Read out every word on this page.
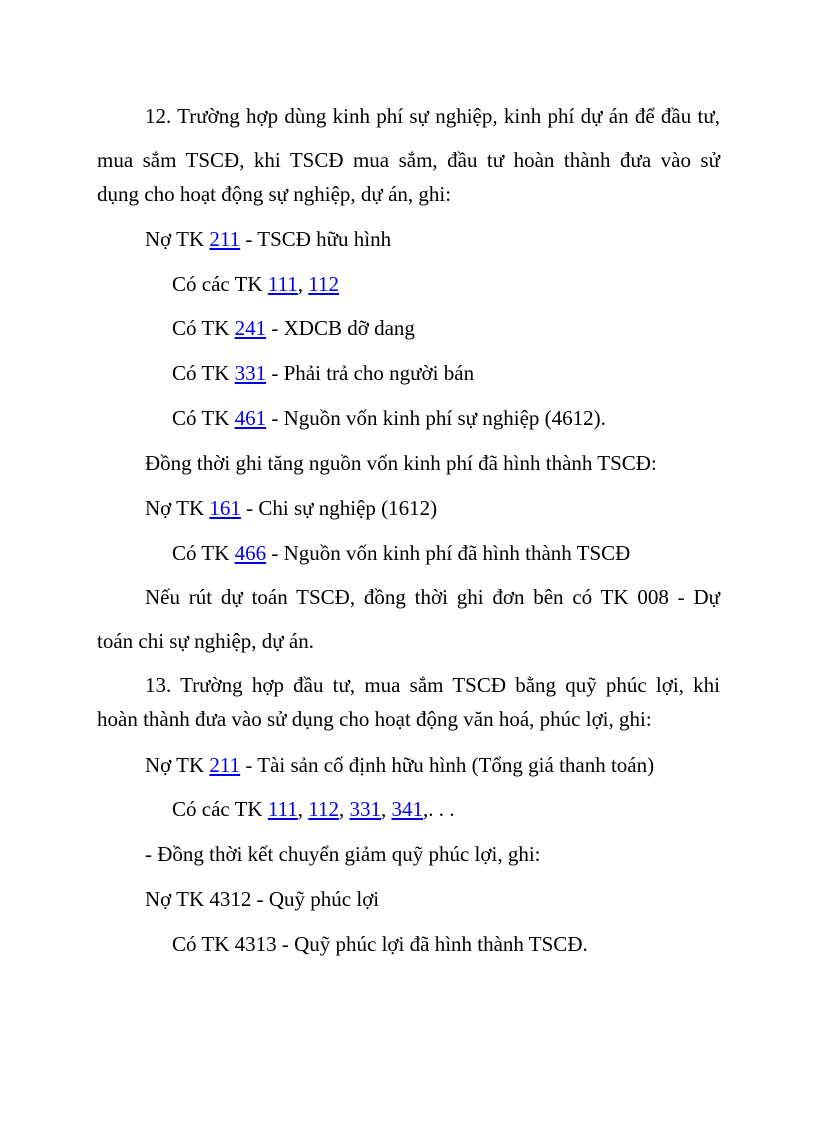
12. Trường hợp dùng kinh phí sự nghiệp, kinh phí dự án để đầu tư,
mua sắm TSCĐ, khi TSCĐ mua sắm, đầu tư hoàn thành đưa vào sử
dụng cho hoạt động sự nghiệp, dự án, ghi:
Nợ TK 211 - TSCĐ hữu hình
Có các TK 111, 112
Có TK 241 - XDCB dỡ dang
Có TK 331 - Phải trả cho người bán
Có TK 461 - Nguồn vốn kinh phí sự nghiệp (4612).
Đồng thời ghi tăng nguồn vốn kinh phí đã hình thành TSCĐ:
Nợ TK 161 - Chi sự nghiệp (1612)
Có TK 466 - Nguồn vốn kinh phí đã hình thành TSCĐ
Nếu rút dự toán TSCĐ, đồng thời ghi đơn bên có TK 008 - Dự
toán chi sự nghiệp, dự án.
13. Trường hợp đầu tư, mua sắm TSCĐ bằng quỹ phúc lợi, khi
hoàn thành đưa vào sử dụng cho hoạt động văn hoá, phúc lợi, ghi:
Nợ TK 211 - Tài sản cố định hữu hình (Tổng giá thanh toán)
Có các TK 111, 112, 331, 341,. . .
- Đồng thời kết chuyển giảm quỹ phúc lợi, ghi:
Nợ TK 4312 - Quỹ phúc lợi
Có TK 4313 - Quỹ phúc lợi đã hình thành TSCĐ.
